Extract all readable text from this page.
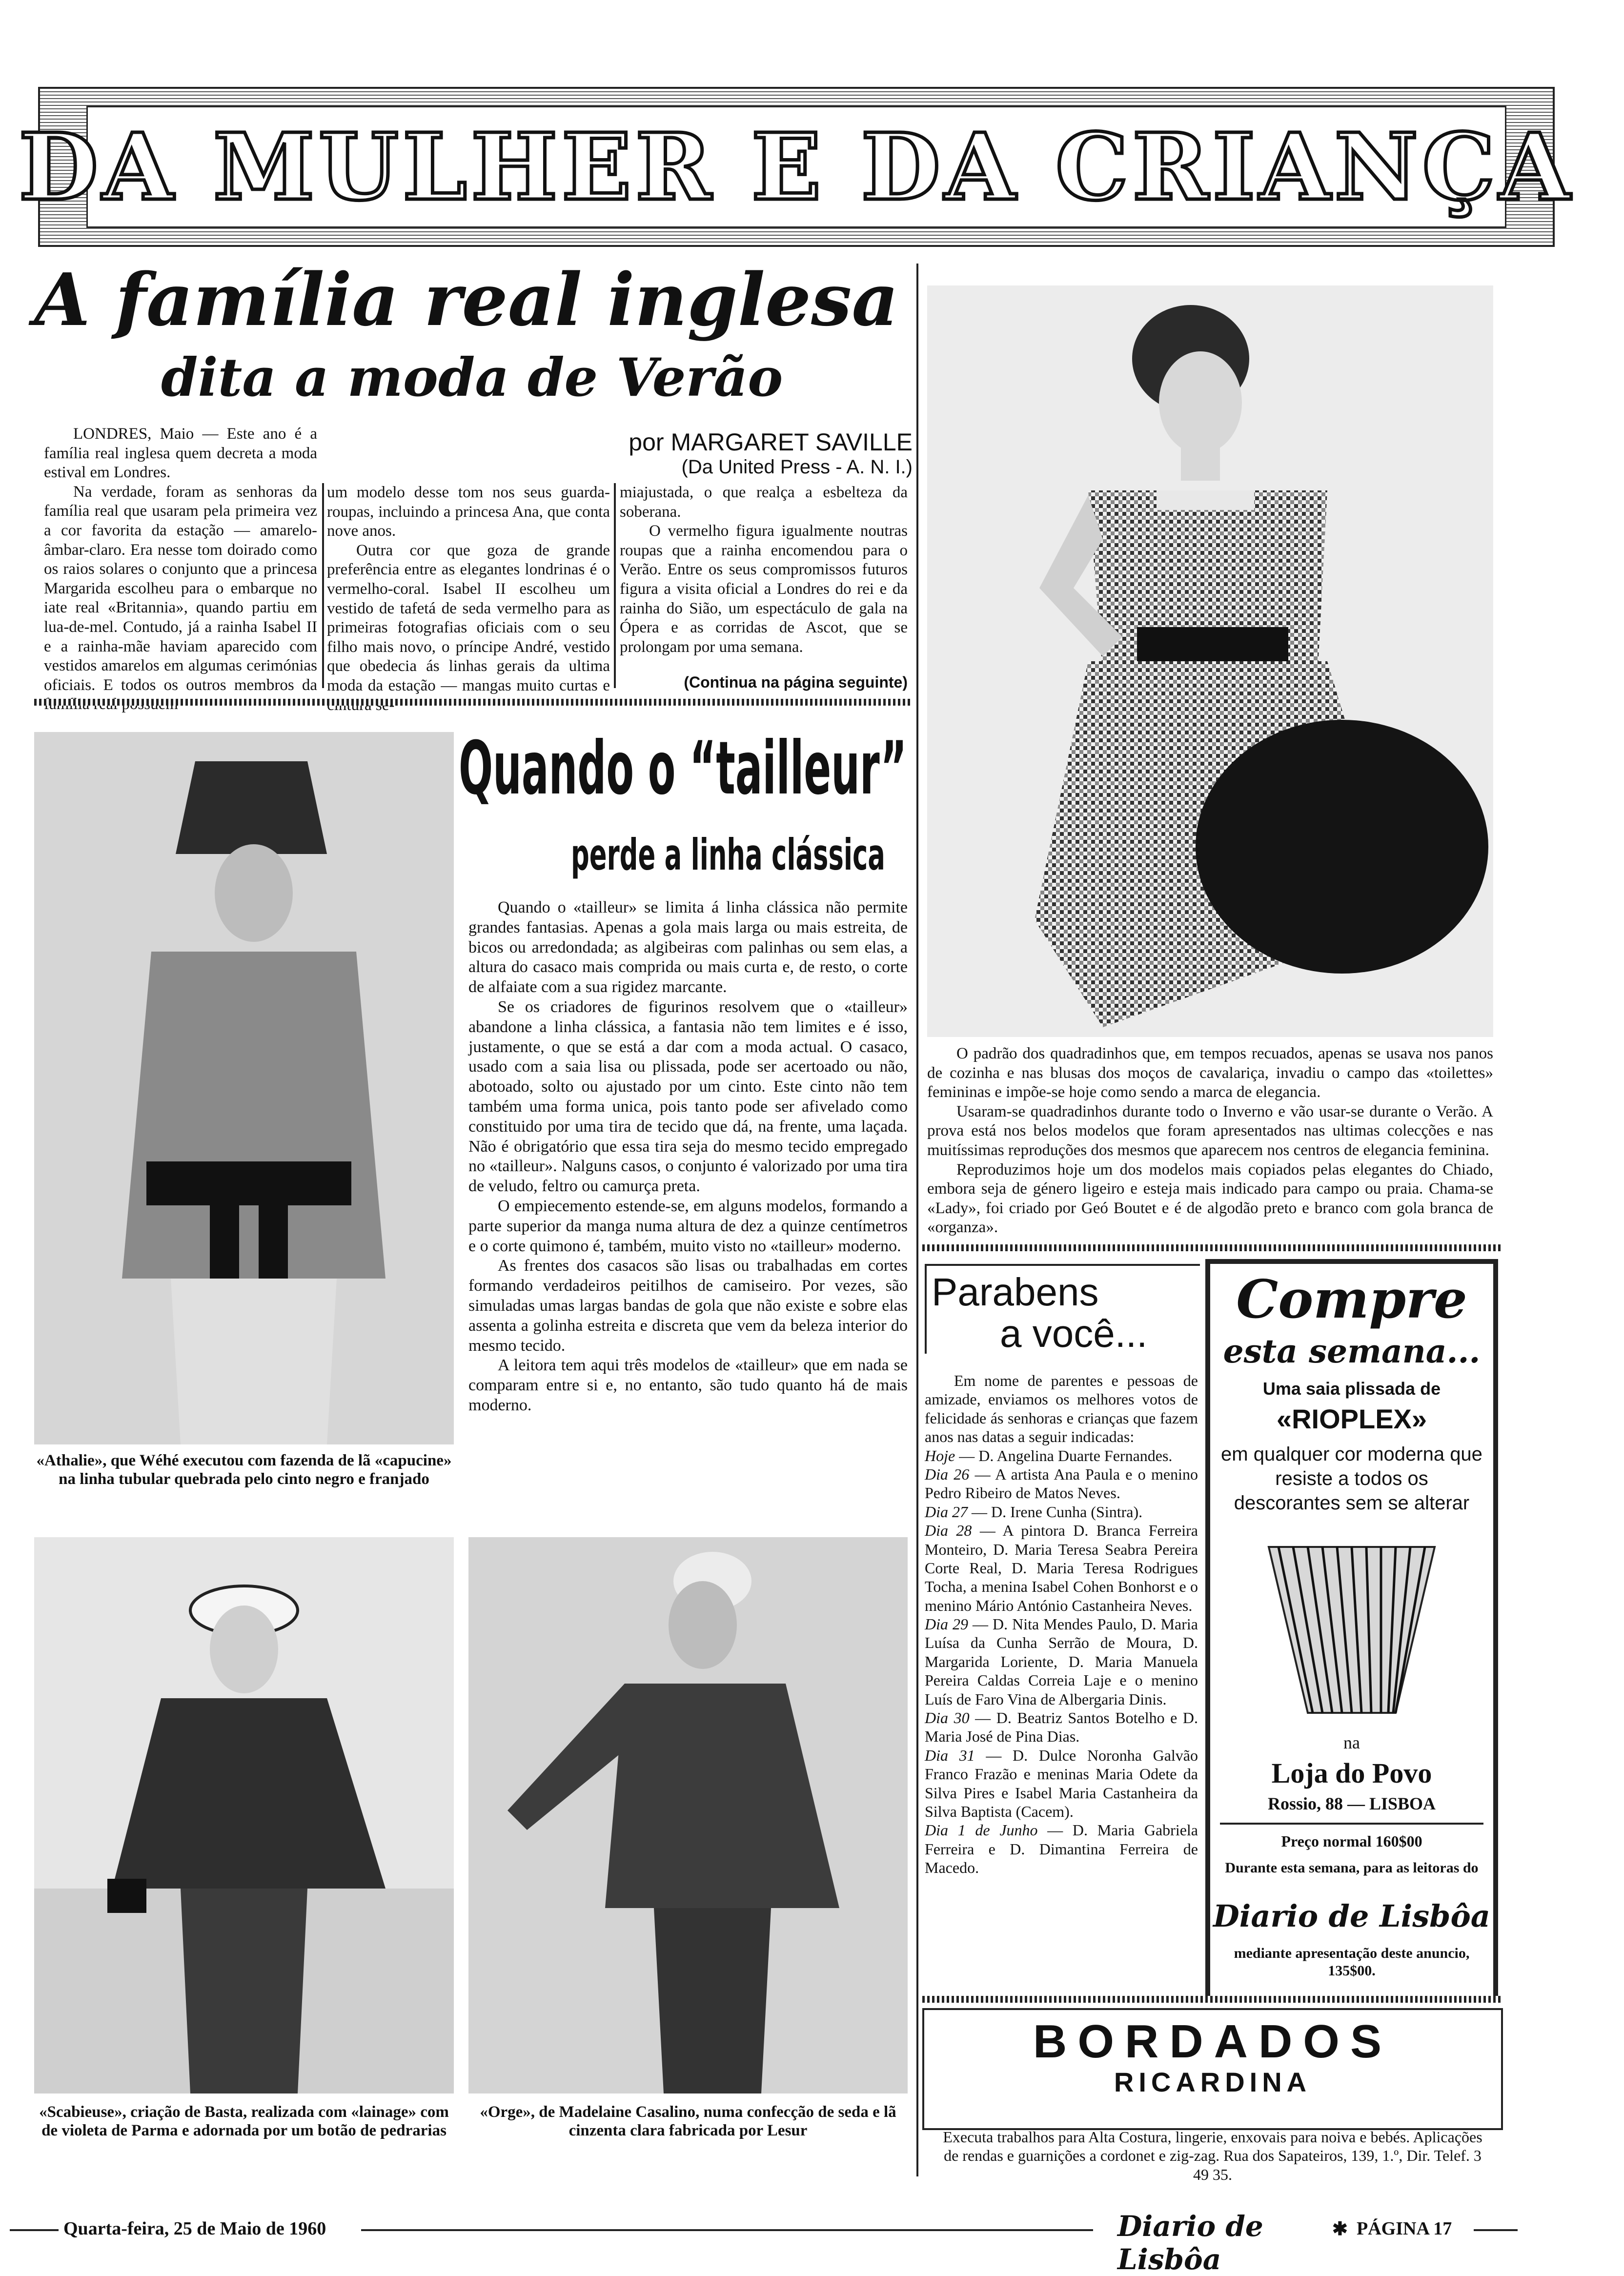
DA MULHER E DA CRIANÇA
A família real inglesa
dita a moda de Verão
por MARGARET SAVILLE
(Da United Press - A. N. I.)

LONDRES, Maio — Este ano é a família real inglesa quem decreta a moda estival em Londres.

Na verdade, foram as senhoras da família real que usaram pela primeira vez a cor favorita da estação — amarelo-âmbar-claro. Era nesse tom doirado como os raios solares o conjunto que a princesa Margarida escolheu para o embarque no iate real «Britannia», quando partiu em lua-de-mel. Contudo, já a rainha Isabel II e a rainha-mãe haviam aparecido com vestidos amarelos em algumas cerimónias oficiais. E todos os outros membros da

um modelo desse tom nos seus guarda-roupas, incluindo a princesa Ana, que conta nove anos.

Outra cor que goza de grande preferência entre as elegantes londrinas é o vermelho-coral. Isabel II escolheu um vestido de tafetá de seda vermelho para as primeiras fotografias oficiais com o seu filho mais novo, o príncipe André, vestido que obedecia ás linhas gerais da ultima moda da estação — mangas muito curtas e

miajustada, o que realça a esbelteza da soberana.

O vermelho figura igualmente noutras roupas que a rainha encomendou para o Verão. Entre os seus compromissos futuros figura a visita oficial a Londres do rei e da rainha do Sião, um espectáculo de gala na Ópera e as corridas de Ascot, que se prolongam por uma semana.

(Continua na página seguinte)

O padrão dos quadradinhos que, em tempos recuados, apenas se usava nos panos de cozinha e nas blusas dos moços de cavalariça, invadiu o campo das «toilettes» femininas e impõe-se hoje como sendo a marca de elegancia.

Usaram-se quadradinhos durante todo o Inverno e vão usar-se durante o Verão. A prova está nos belos modelos que foram apresentados nas ultimas colecções e nas muitíssimas reproduções dos mesmos que aparecem nos centros de elegancia feminina.

Reproduzimos hoje um dos modelos mais copiados pelas elegantes do Chiado, embora seja de género ligeiro e esteja mais indicado para campo ou praia. Chama-se «Lady», foi criado por Geó Boutet e é de algodão preto e branco com gola branca de «organza».

«Athalie», que Wéhé executou com fazenda de lã «capucine» na linha tubular quebrada pelo cinto negro e franjado
Quando o “tailleur”
perde a linha clássica

Quando o «tailleur» se limita á linha clássica não permite grandes fantasias. Apenas a gola mais larga ou mais estreita, de bicos ou arredondada; as algibeiras com palinhas ou sem elas, a altura do casaco mais comprida ou mais curta e, de resto, o corte de alfaiate com a sua rigidez marcante.

Se os criadores de figurinos resolvem que o «tailleur» abandone a linha clássica, a fantasia não tem limites e é isso, justamente, o que se está a dar com a moda actual. O casaco, usado com a saia lisa ou plissada, pode ser acertoado ou não, abotoado, solto ou ajustado por um cinto. Este cinto não tem também uma forma unica, pois tanto pode ser afivelado como constituido por uma tira de tecido que dá, na frente, uma laçada. Não é obrigatório que essa tira seja do mesmo tecido empregado no «tailleur». Nalguns casos, o conjunto é valorizado por uma tira de veludo, feltro ou camurça preta.

O empiecemento estende-se, em alguns modelos, formando a parte superior da manga numa altura de dez a quinze centímetros e o corte quimono é, também, muito visto no «tailleur» moderno.

As frentes dos casacos são lisas ou trabalhadas em cortes formando verdadeiros peitilhos de camiseiro. Por vezes, são simuladas umas largas bandas de gola que não existe e sobre elas assenta a golinha estreita e discreta que vem da beleza interior do mesmo tecido.

A leitora tem aqui três modelos de «tailleur» que em nada se comparam entre si e, no entanto, são tudo quanto há de mais moderno.

«Scabieuse», criação de Basta, realizada com «lainage» com de violeta de Parma e adornada por um botão de pedrarias
«Orge», de Madelaine Casalino, numa confecção de seda e lã cinzenta clara fabricada por Lesur
Parabens
a você...

Em nome de parentes e pessoas de amizade, enviamos os melhores votos de felicidade ás senhoras e crianças que fazem anos nas datas a seguir indicadas:

Hoje — D. Angelina Duarte Fernandes.

Dia 26 — A artista Ana Paula e o menino Pedro Ribeiro de Matos Neves.

Dia 27 — D. Irene Cunha (Sintra).

Dia 28 — A pintora D. Branca Ferreira Monteiro, D. Maria Teresa Seabra Pereira Corte Real, D. Maria Teresa Rodrigues Tocha, a menina Isabel Cohen Bonhorst e o menino Mário António Castanheira Neves.

Dia 29 — D. Nita Mendes Paulo, D. Maria Luísa da Cunha Serrão de Moura, D. Margarida Loriente, D. Maria Manuela Pereira Caldas Correia Laje e o menino Luís de Faro Vina de Albergaria Dinis.

Dia 30 — D. Beatriz Santos Botelho e D. Maria José de Pina Dias.

Dia 31 — D. Dulce Noronha Galvão Franco Frazão e meninas Maria Odete da Silva Pires e Isabel Maria Castanheira da Silva Baptista (Cacem).

Dia 1 de Junho — D. Maria Gabriela Ferreira e D. Dimantina Ferreira de Macedo.

Compre
esta semana...
Uma saia plissada de
«RIOPLEX»
em qualquer cor moderna que resiste a todos os descorantes sem se alterar
na
Loja do Povo
Rossio, 88 — LISBOA
Preço normal 160$00
Durante esta semana, para as leitoras do
Diario de Lisbôa
mediante apresentação deste anuncio, 135$00.
BORDADOS
RICARDINA

Executa trabalhos para Alta Costura, lingerie, enxovais para noiva e bebés. Aplicações de rendas e guarnições a cordonet e zig-zag. Rua dos Sapateiros, 139, 1.º, Dir. Telef. 3 49 35.

Quarta-feira, 25 de Maio de 1960	Diario de Lisbôa
✱ PÁGINA 17
